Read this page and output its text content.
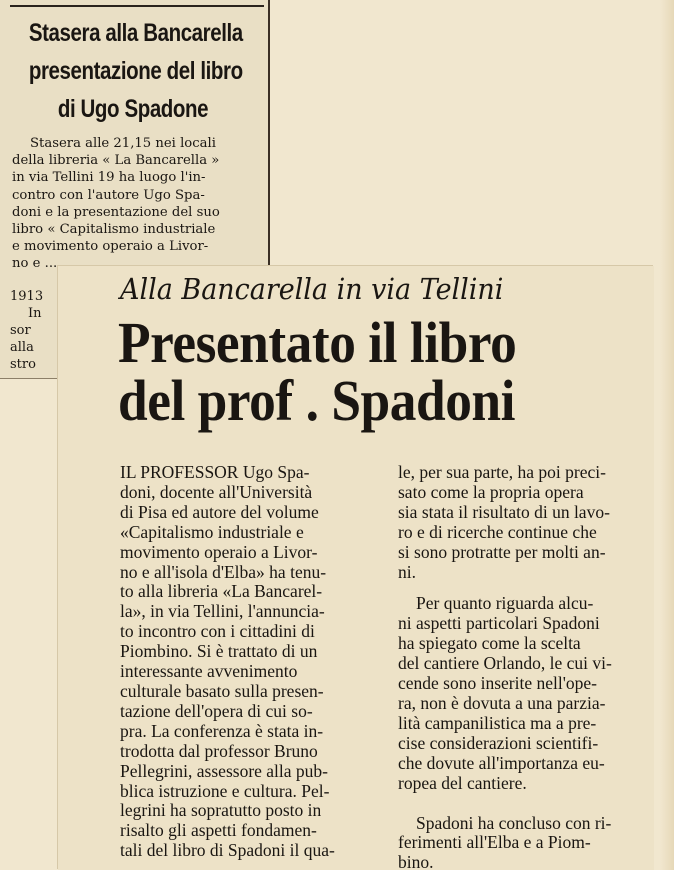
Stasera alla Bancarella
presentazione del libro
di Ugo Spadone
Stasera alle 21,15 nei locali
della libreria « La Bancarella »
in via Tellini 19 ha luogo l'in-
contro con l'autore Ugo Spa-
doni e la presentazione del suo
libro « Capitalismo industriale
e movimento operaio a Livor-
no e ...
1913
In
sor
alla
stro
Alla Bancarella in via Tellini
Presentato il libro
del prof . Spadoni
IL PROFESSOR Ugo Spa-
doni, docente all'Università
di Pisa ed autore del volume
«Capitalismo industriale e
movimento operaio a Livor-
no e all'isola d'Elba» ha tenu-
to alla libreria «La Bancarel-
la», in via Tellini, l'annuncia-
to incontro con i cittadini di
Piombino. Si è trattato di un
interessante avvenimento
culturale basato sulla presen-
tazione dell'opera di cui so-
pra. La conferenza è stata in-
trodotta dal professor Bruno
Pellegrini, assessore alla pub-
blica istruzione e cultura. Pel-
legrini ha sopratutto posto in
risalto gli aspetti fondamen-
tali del libro di Spadoni il qua-
le, per sua parte, ha poi preci-
sato come la propria opera
sia stata il risultato di un lavo-
ro e di ricerche continue che
si sono protratte per molti an-
ni.
Per quanto riguarda alcu-
ni aspetti particolari Spadoni
ha spiegato come la scelta
del cantiere Orlando, le cui vi-
cende sono inserite nell'ope-
ra, non è dovuta a una parzia-
lità campanilistica ma a pre-
cise considerazioni scientifi-
che dovute all'importanza eu-
ropea del cantiere.
Spadoni ha concluso con ri-
ferimenti all'Elba e a Piom-
bino.
